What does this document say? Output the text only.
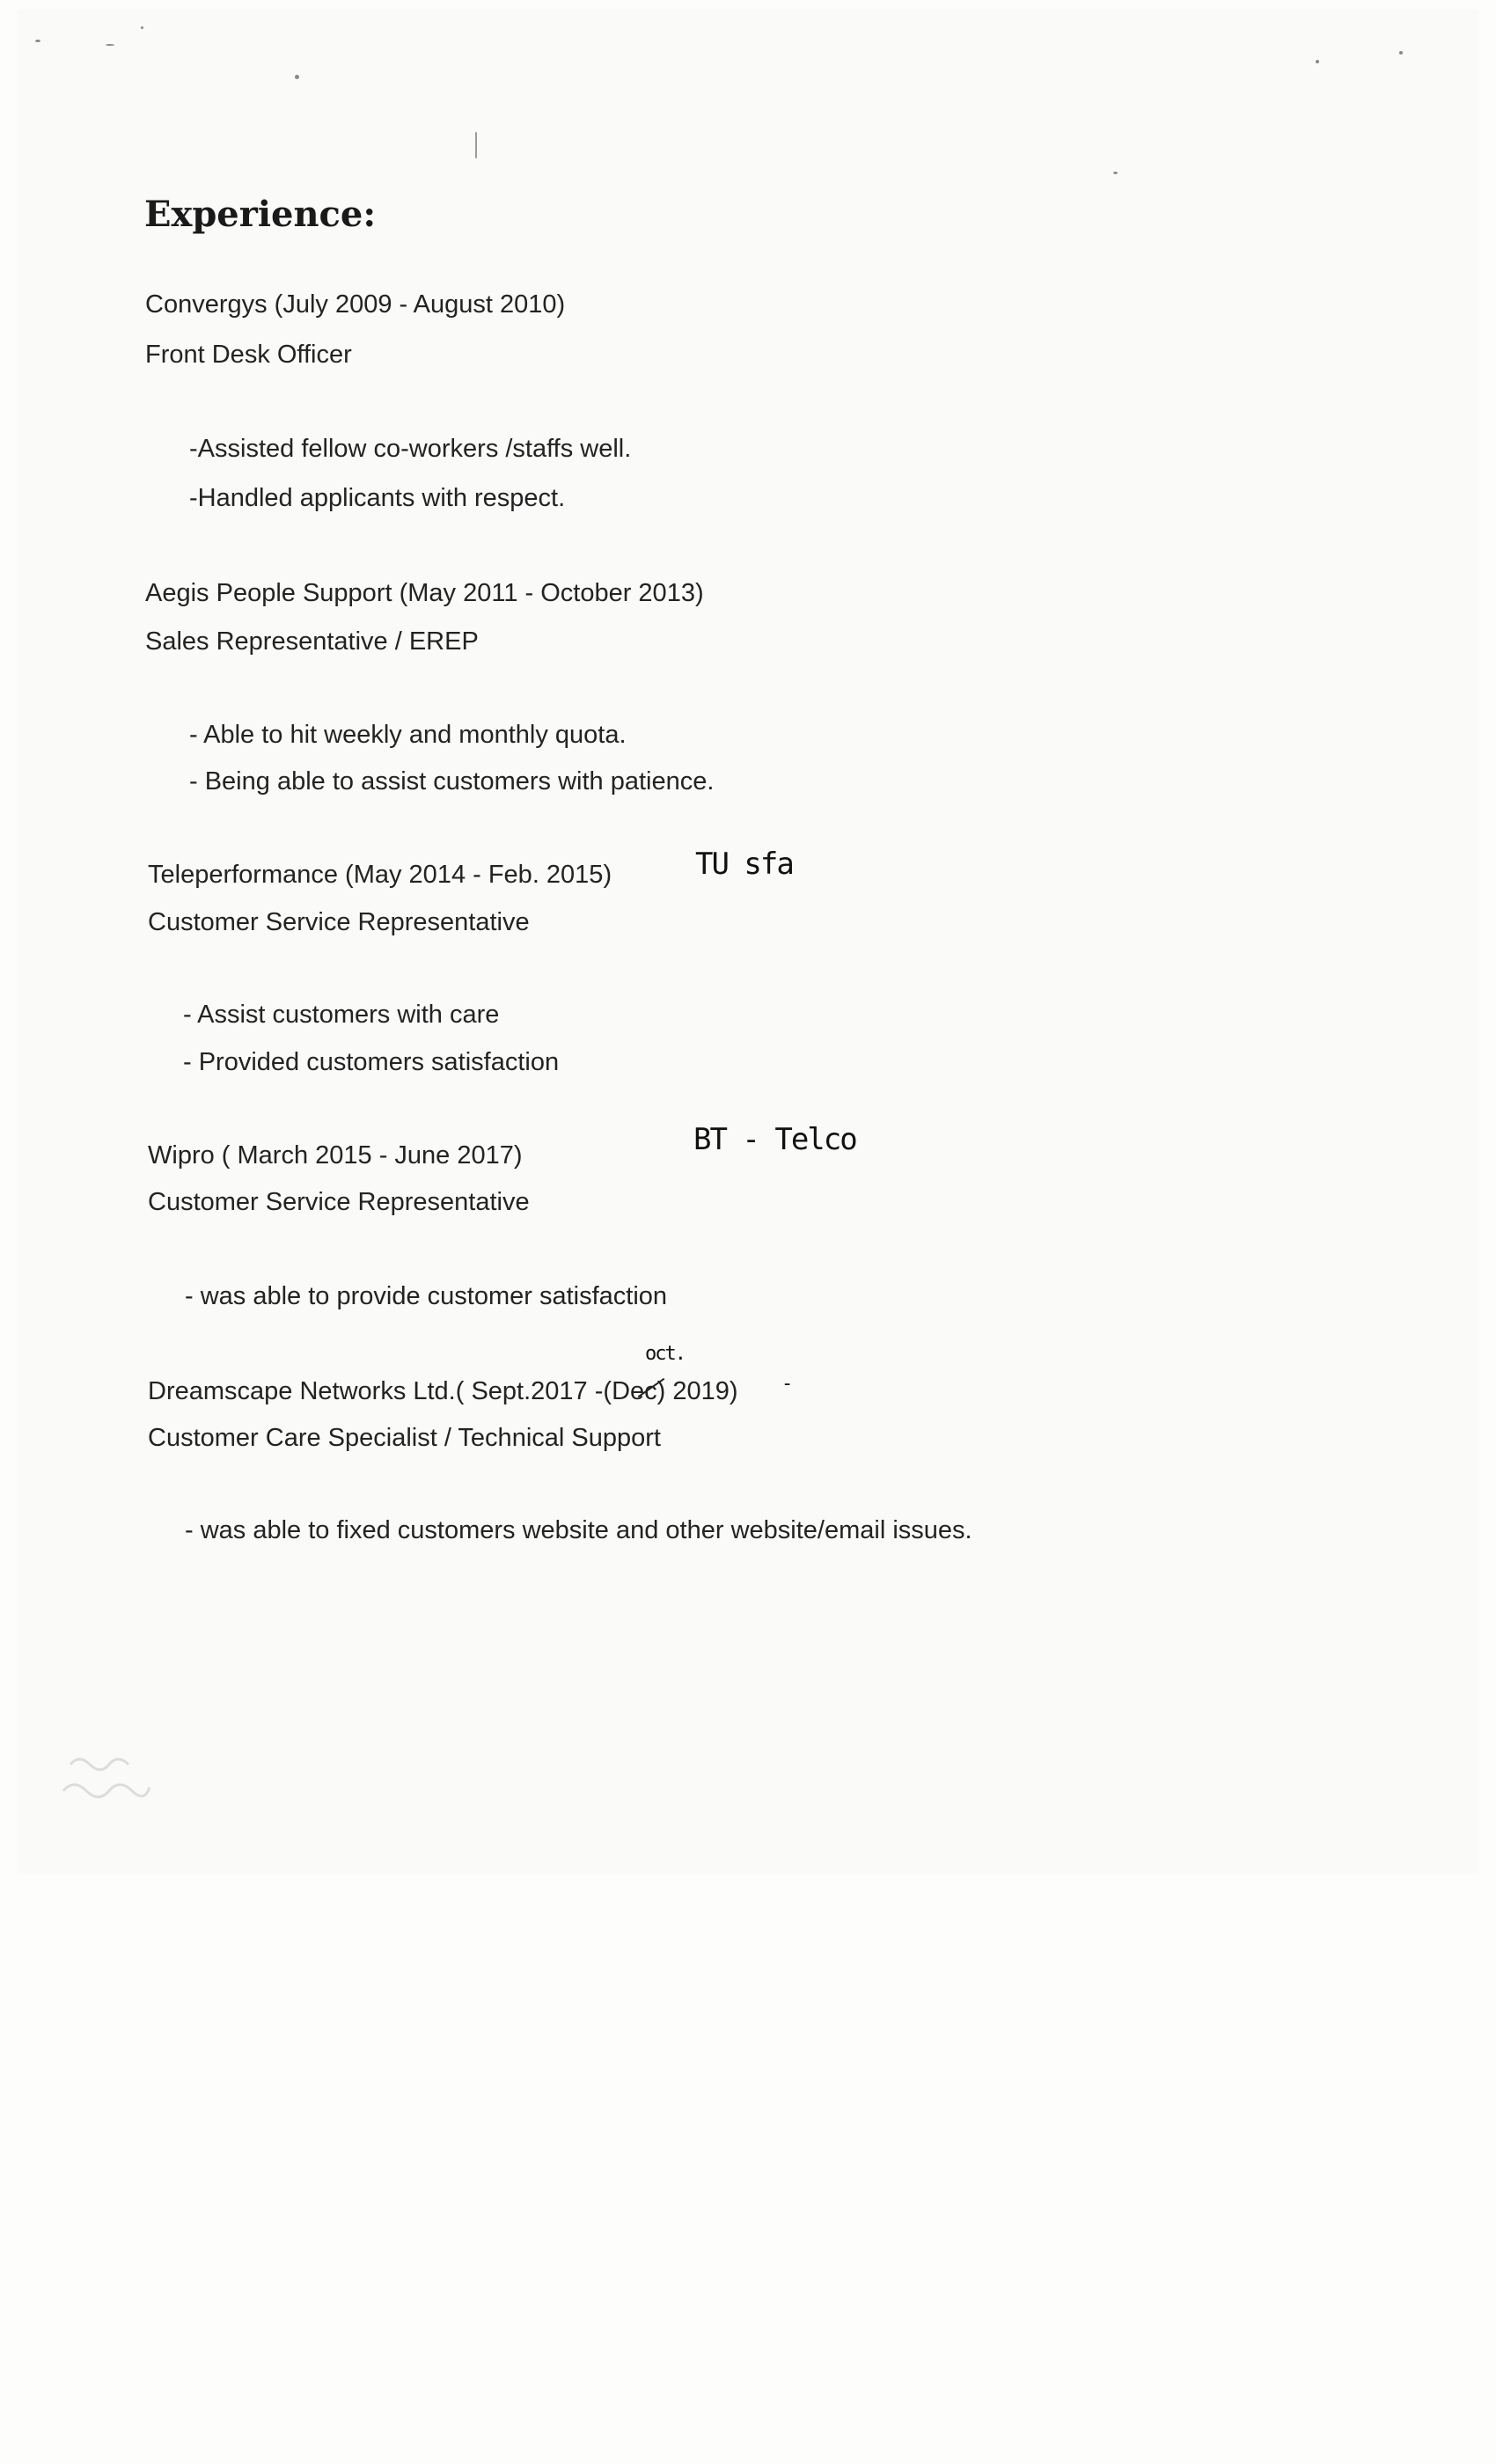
Experience:

Convergys (July 2009 - August 2010)

Front Desk Officer

-Assisted fellow co-workers /staffs well.

-Handled applicants with respect.

Aegis People Support (May 2011 - October 2013)

Sales Representative / EREP

- Able to hit weekly and monthly quota.

- Being able to assist customers with patience.

Teleperformance (May 2014 - Feb. 2015)	TU sfa

Customer Service Representative

- Assist customers with care

- Provided customers satisfaction

Wipro ( March 2015 - June 2017)	BT - Telco

Customer Service Representative

- was able to provide customer satisfaction

oct.

Dreamscape Networks Ltd.( Sept.2017 -(Dec) 2019) -

Customer Care Specialist / Technical Support

- was able to fixed customers website and other website/email issues.
